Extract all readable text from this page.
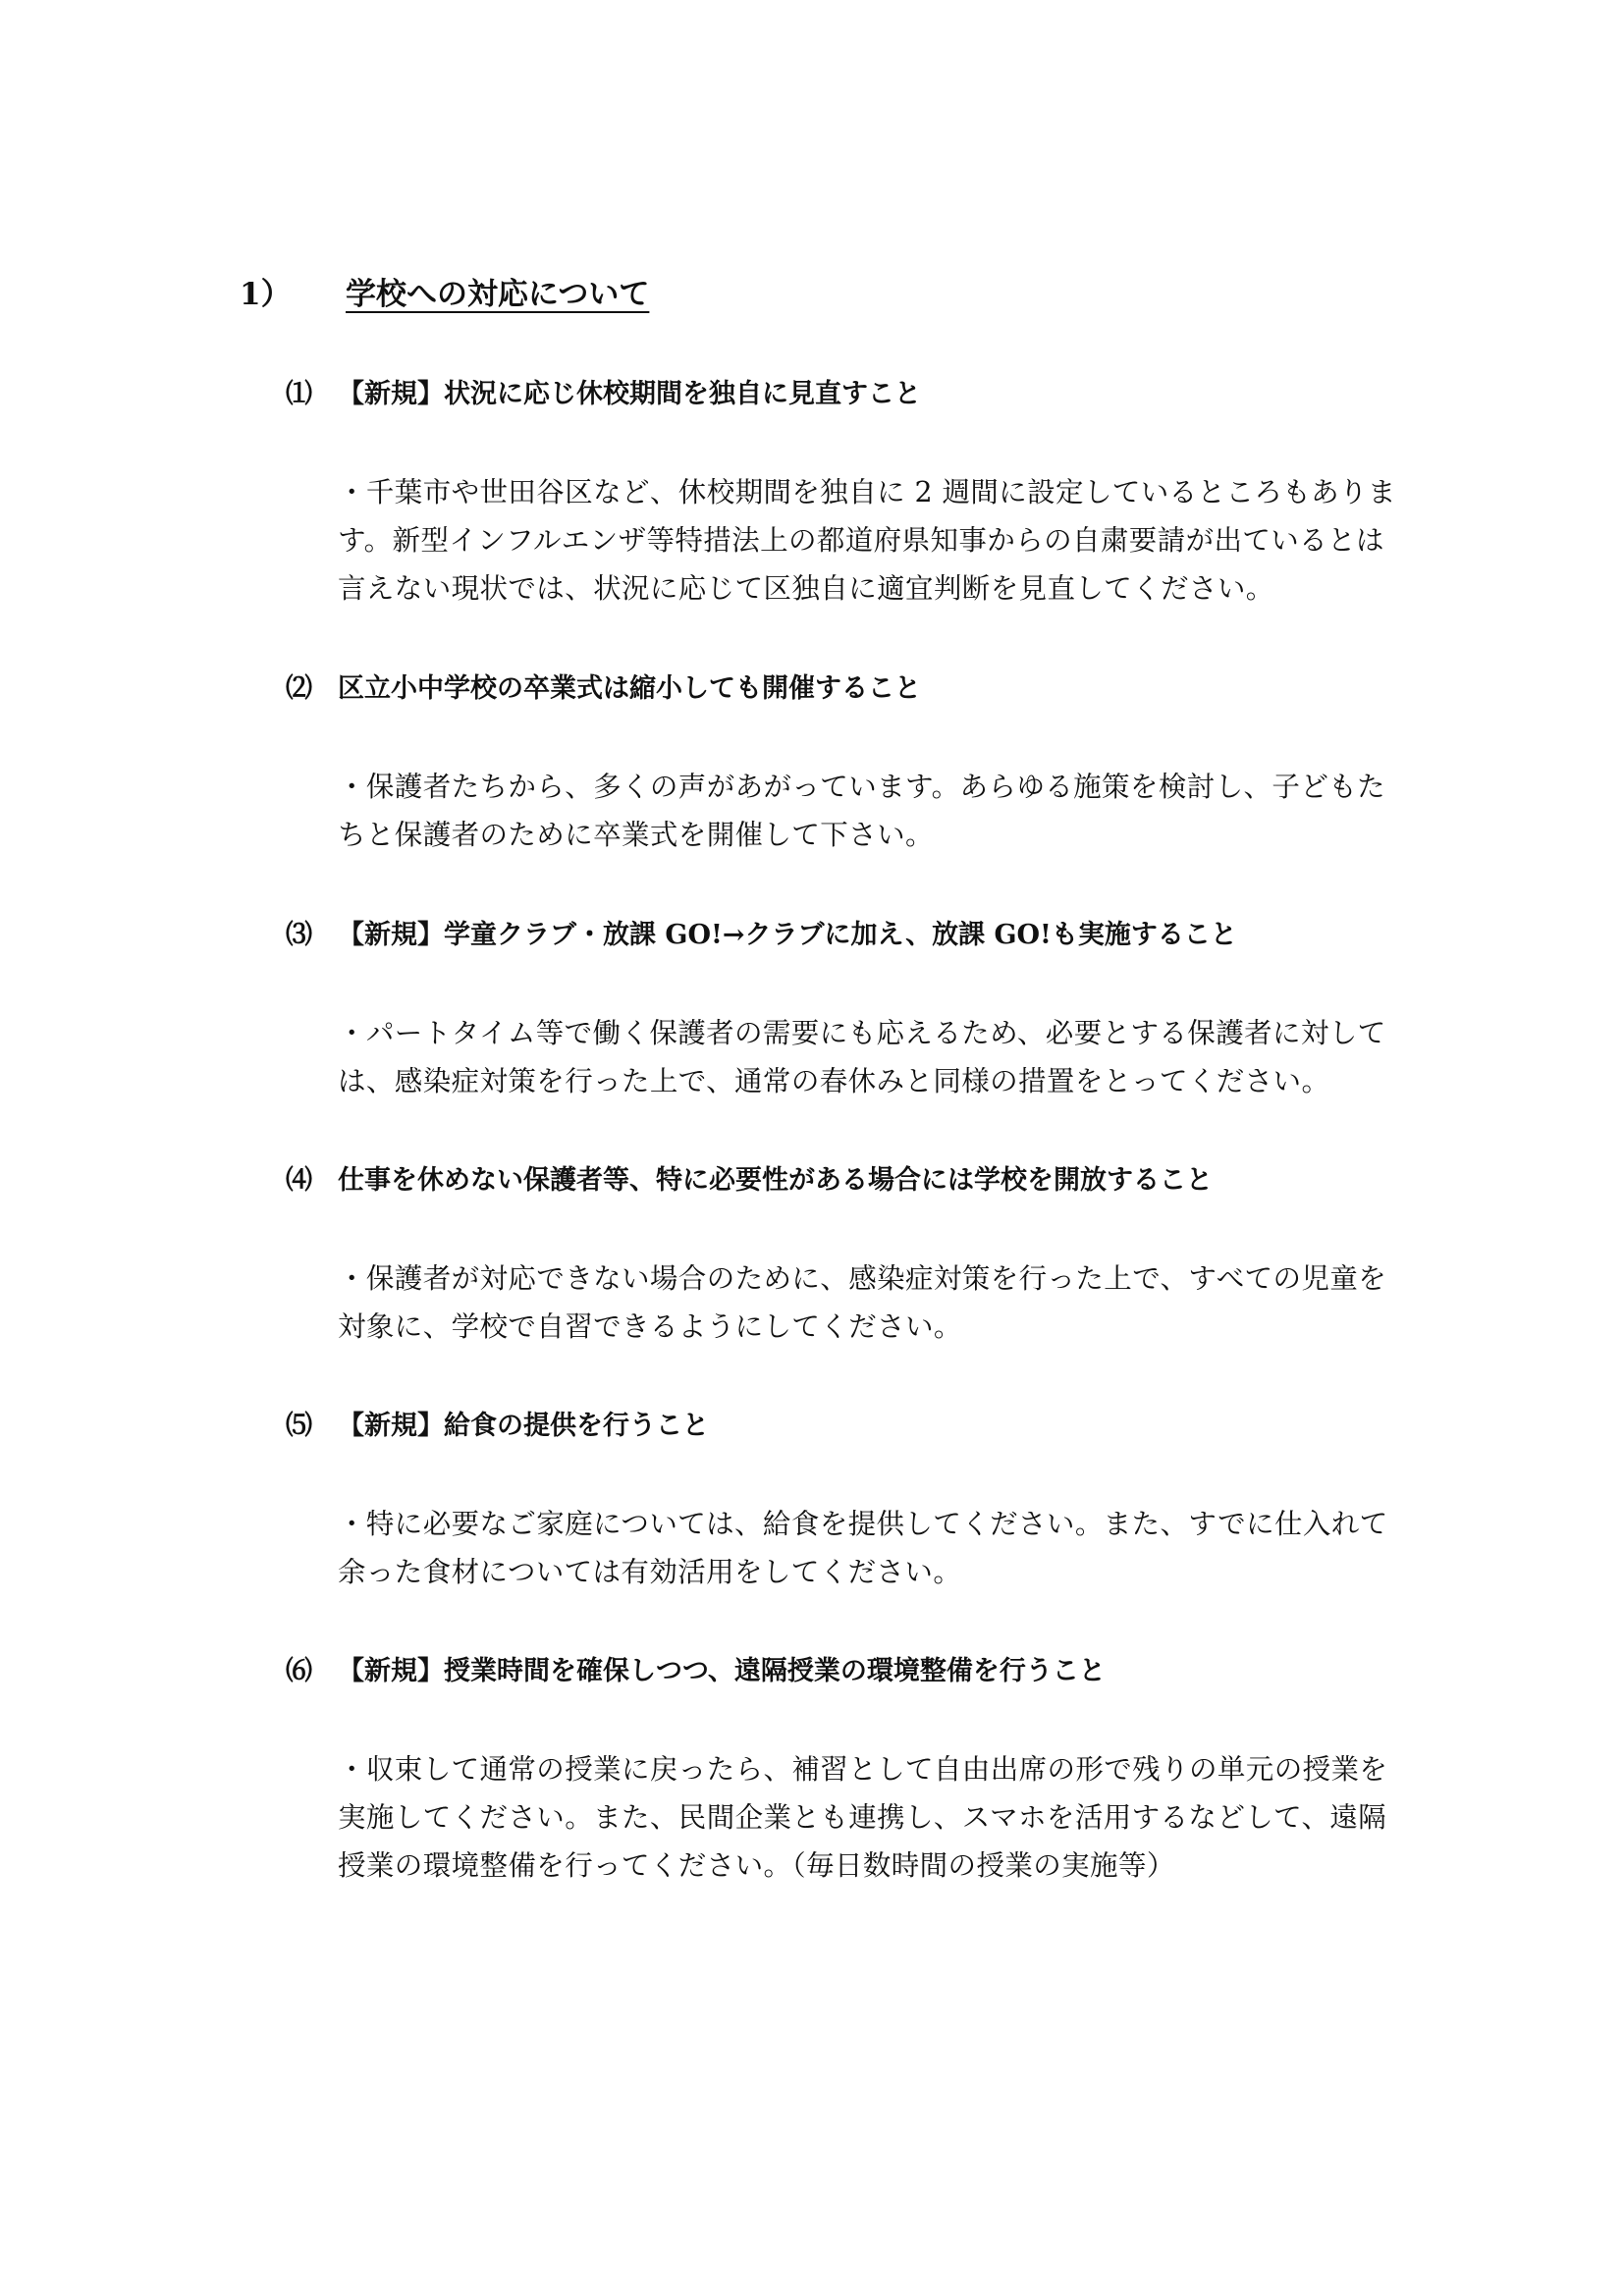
1） 学校への対応について
⑴ 【新規】状況に応じ休校期間を独自に見直すこと
・千葉市や世田谷区など、休校期間を独自に 2 週間に設定しているところもありま
す。新型インフルエンザ等特措法上の都道府県知事からの自粛要請が出ているとは
言えない現状では、状況に応じて区独自に適宜判断を見直してください。
⑵ 区立小中学校の卒業式は縮小しても開催すること
・保護者たちから、多くの声があがっています。あらゆる施策を検討し、子どもた
ちと保護者のために卒業式を開催して下さい。
⑶ 【新規】学童クラブ・放課 GO!→クラブに加え、放課 GO!も実施すること
・パートタイム等で働く保護者の需要にも応えるため、必要とする保護者に対して
は、感染症対策を行った上で、通常の春休みと同様の措置をとってください。
⑷ 仕事を休めない保護者等、特に必要性がある場合には学校を開放すること
・保護者が対応できない場合のために、感染症対策を行った上で、すべての児童を
対象に、学校で自習できるようにしてください。
⑸ 【新規】給食の提供を行うこと
・特に必要なご家庭については、給食を提供してください。また、すでに仕入れて
余った食材については有効活用をしてください。
⑹ 【新規】授業時間を確保しつつ、遠隔授業の環境整備を行うこと
・収束して通常の授業に戻ったら、補習として自由出席の形で残りの単元の授業を
実施してください。また、民間企業とも連携し、スマホを活用するなどして、遠隔
授業の環境整備を行ってください。（毎日数時間の授業の実施等）
